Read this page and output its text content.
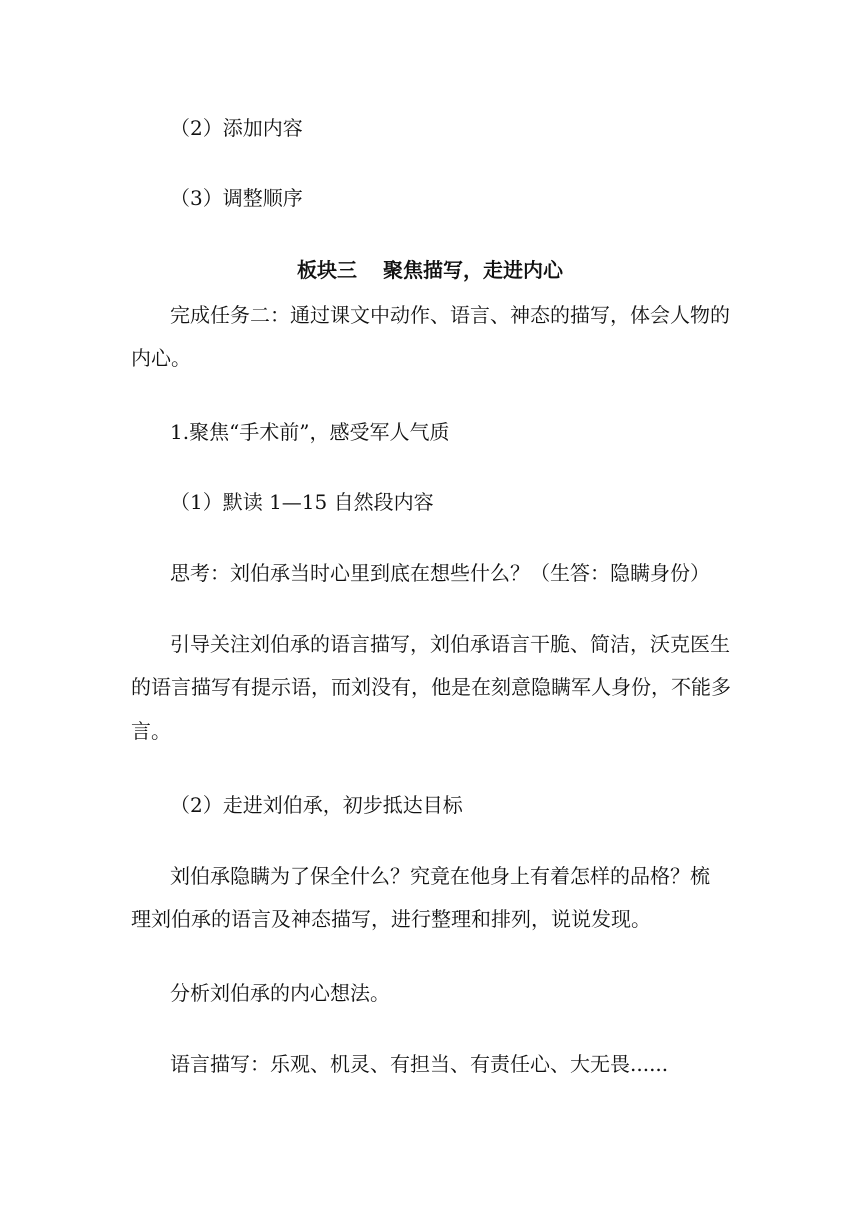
（2）添加内容
（3）调整顺序
板块三 聚焦描写，走进内心
完成任务二：通过课文中动作、语言、神态的描写，体会人物的
内心。
1.聚焦“手术前”，感受军人气质
（1）默读 1—15 自然段内容
思考：刘伯承当时心里到底在想些什么？（生答：隐瞒身份）
引导关注刘伯承的语言描写，刘伯承语言干脆、简洁，沃克医生
的语言描写有提示语，而刘没有，他是在刻意隐瞒军人身份，不能多
言。
（2）走进刘伯承，初步抵达目标
刘伯承隐瞒为了保全什么？究竟在他身上有着怎样的品格？梳
理刘伯承的语言及神态描写，进行整理和排列，说说发现。
分析刘伯承的内心想法。
语言描写：乐观、机灵、有担当、有责任心、大无畏......
